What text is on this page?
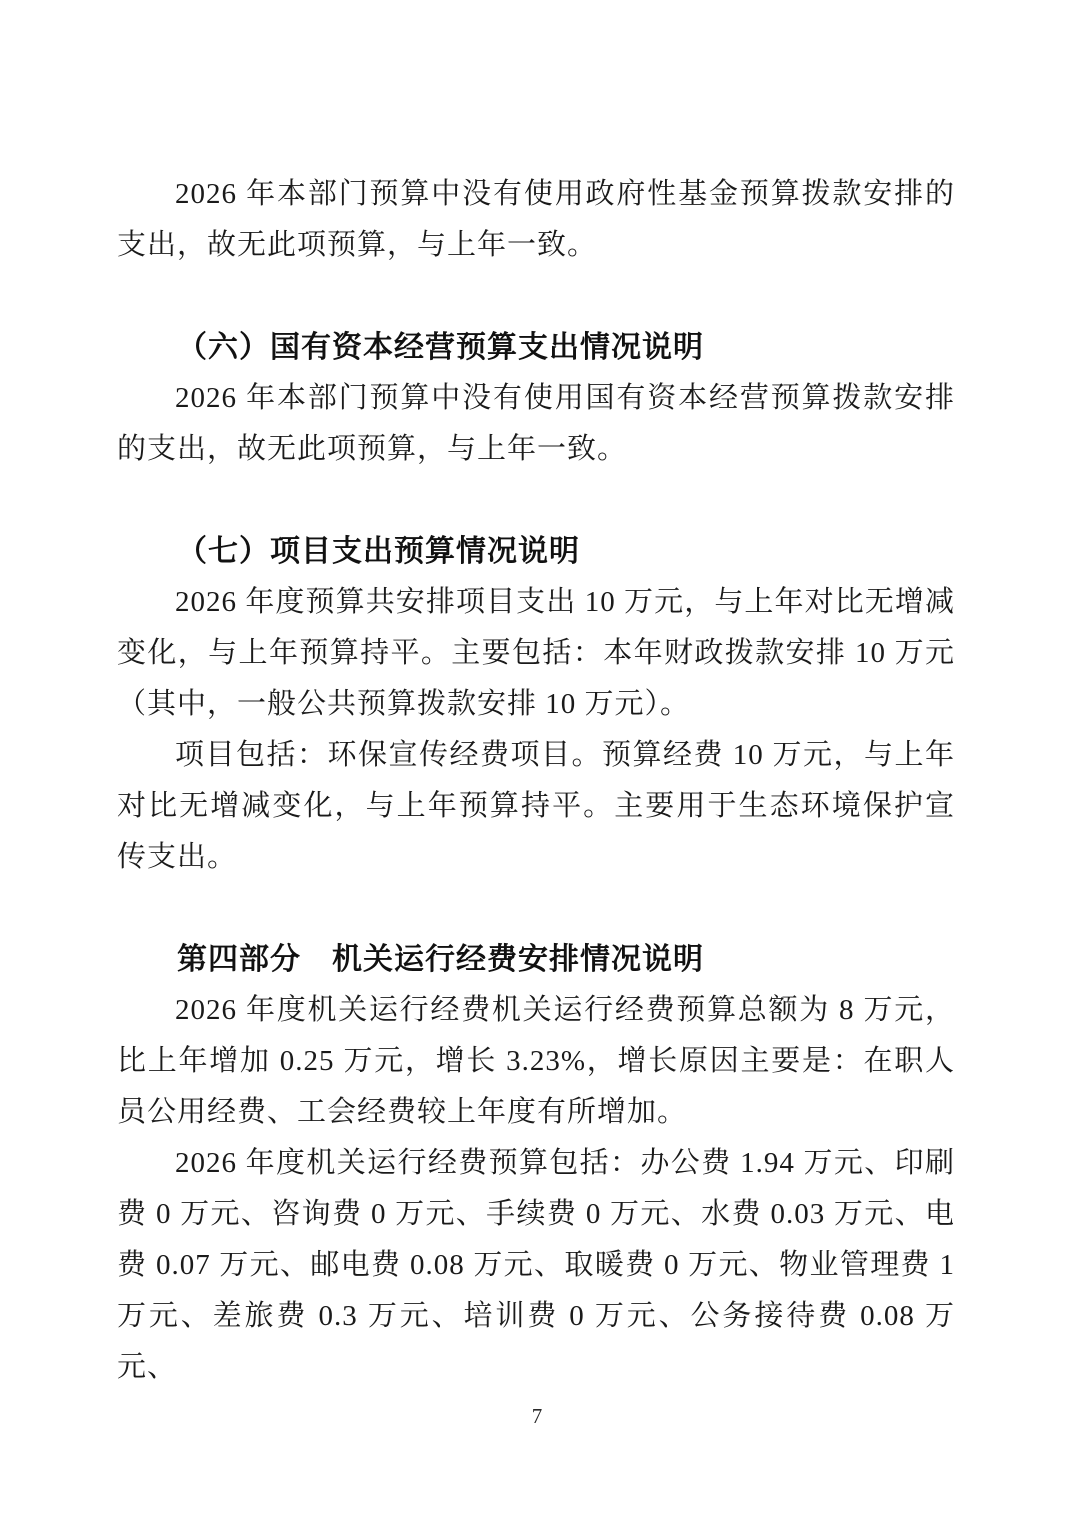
2026 年本部门预算中没有使用政府性基金预算拨款安排的支出，故无此项预算，与上年一致。

（六）国有资本经营预算支出情况说明

2026 年本部门预算中没有使用国有资本经营预算拨款安排的支出，故无此项预算，与上年一致。

（七）项目支出预算情况说明

2026 年度预算共安排项目支出 10 万元，与上年对比无增减变化，与上年预算持平。主要包括：本年财政拨款安排 10 万元（其中，一般公共预算拨款安排 10 万元）。

项目包括：环保宣传经费项目。预算经费 10 万元，与上年对比无增减变化，与上年预算持平。主要用于生态环境保护宣传支出。

第四部分　机关运行经费安排情况说明

2026 年度机关运行经费机关运行经费预算总额为 8 万元，比上年增加 0.25 万元，增长 3.23%，增长原因主要是：在职人员公用经费、工会经费较上年度有所增加。

2026 年度机关运行经费预算包括：办公费 1.94 万元、印刷费 0 万元、咨询费 0 万元、手续费 0 万元、水费 0.03 万元、电费 0.07 万元、邮电费 0.08 万元、取暖费 0 万元、物业管理费 1 万元、差旅费 0.3 万元、培训费 0 万元、公务接待费 0.08 万元、

7
